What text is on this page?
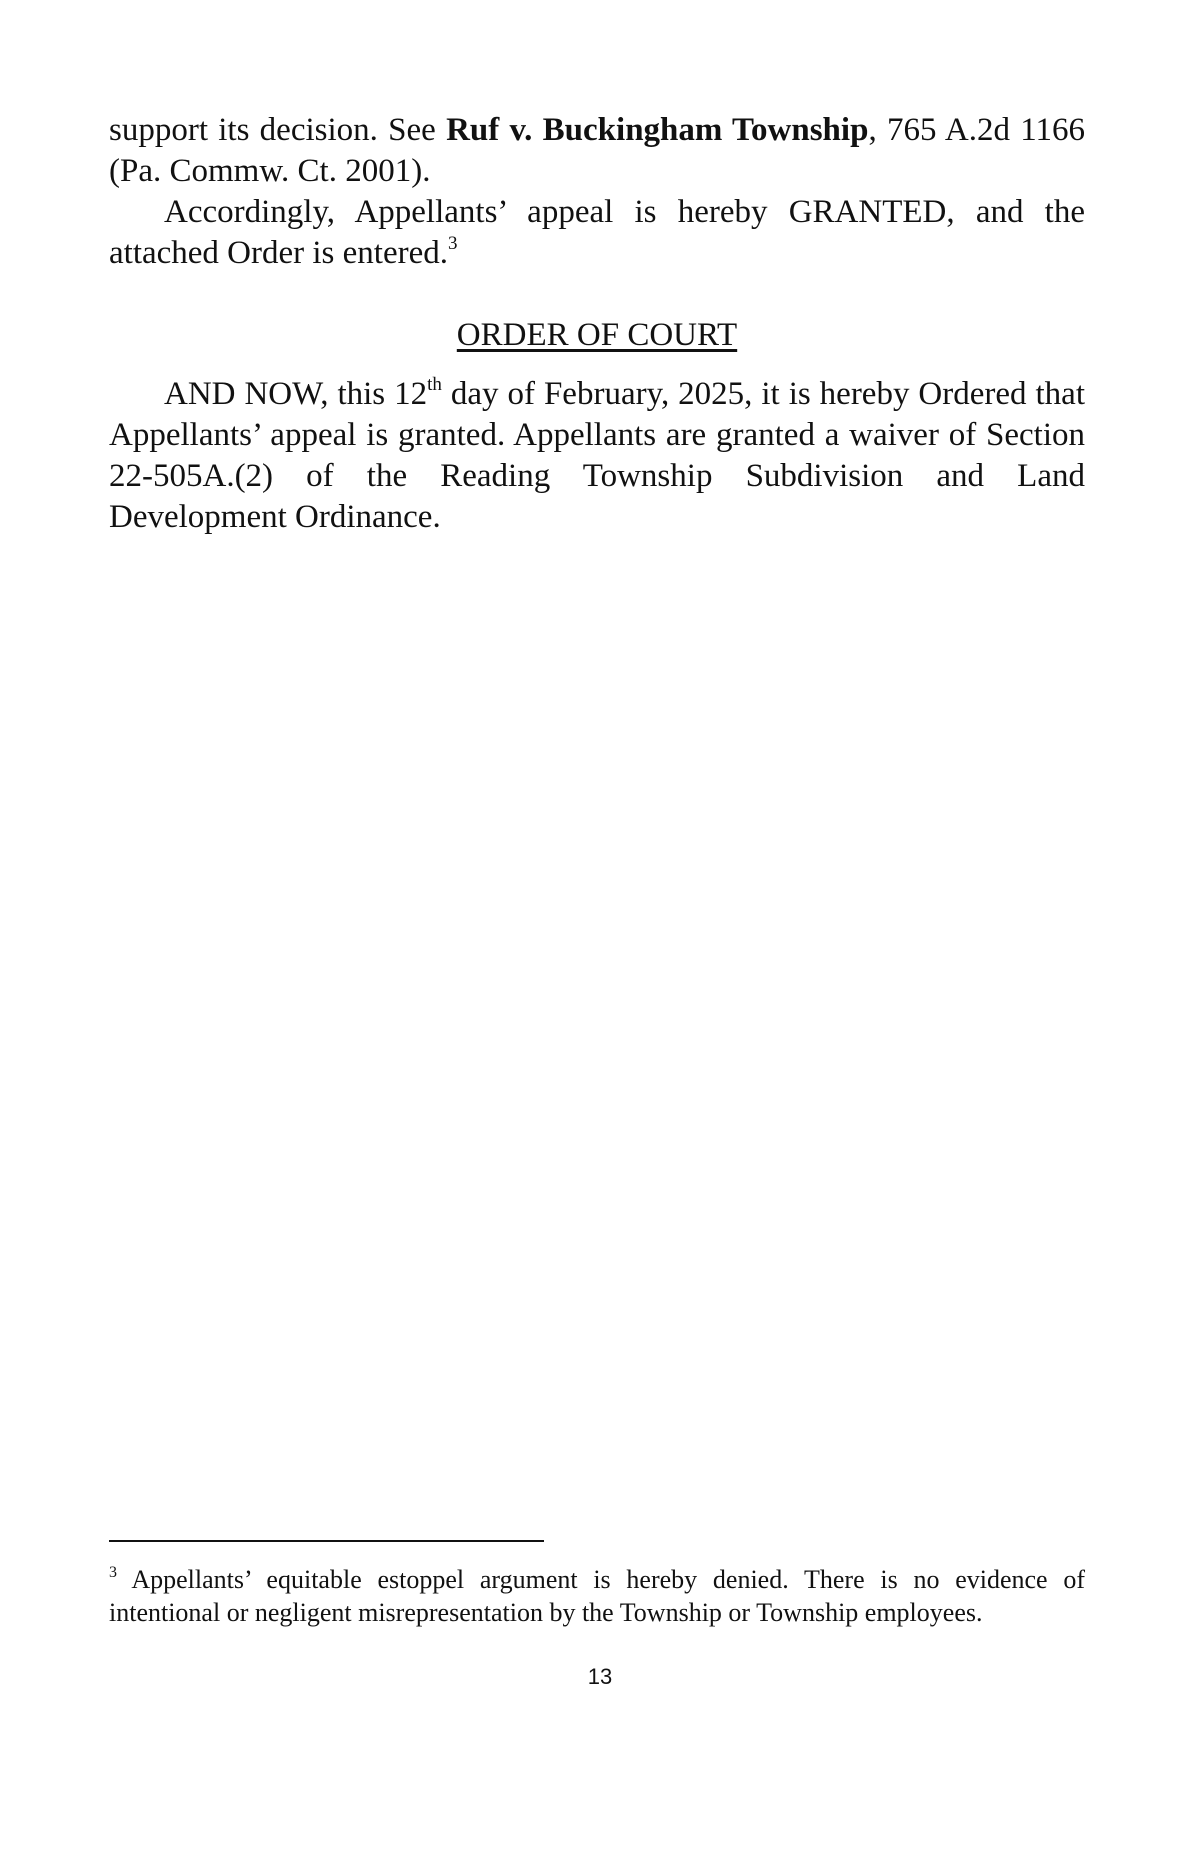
support its decision. See Ruf v. Buckingham Township, 765 A.2d 1166 (Pa. Commw. Ct. 2001).

Accordingly, Appellants’ appeal is hereby GRANTED, and the attached Order is entered.$^3$

ORDER OF COURT

AND NOW, this 12th day of February, 2025, it is hereby Ordered that Appellants’ appeal is granted. Appellants are granted a waiver of Section 22-505A.(2) of the Reading Township Subdivision and Land Development Ordinance.

$^3$ Appellants’ equitable estoppel argument is hereby denied. There is no evidence of intentional or negligent misrepresentation by the Township or Township employees.
13
